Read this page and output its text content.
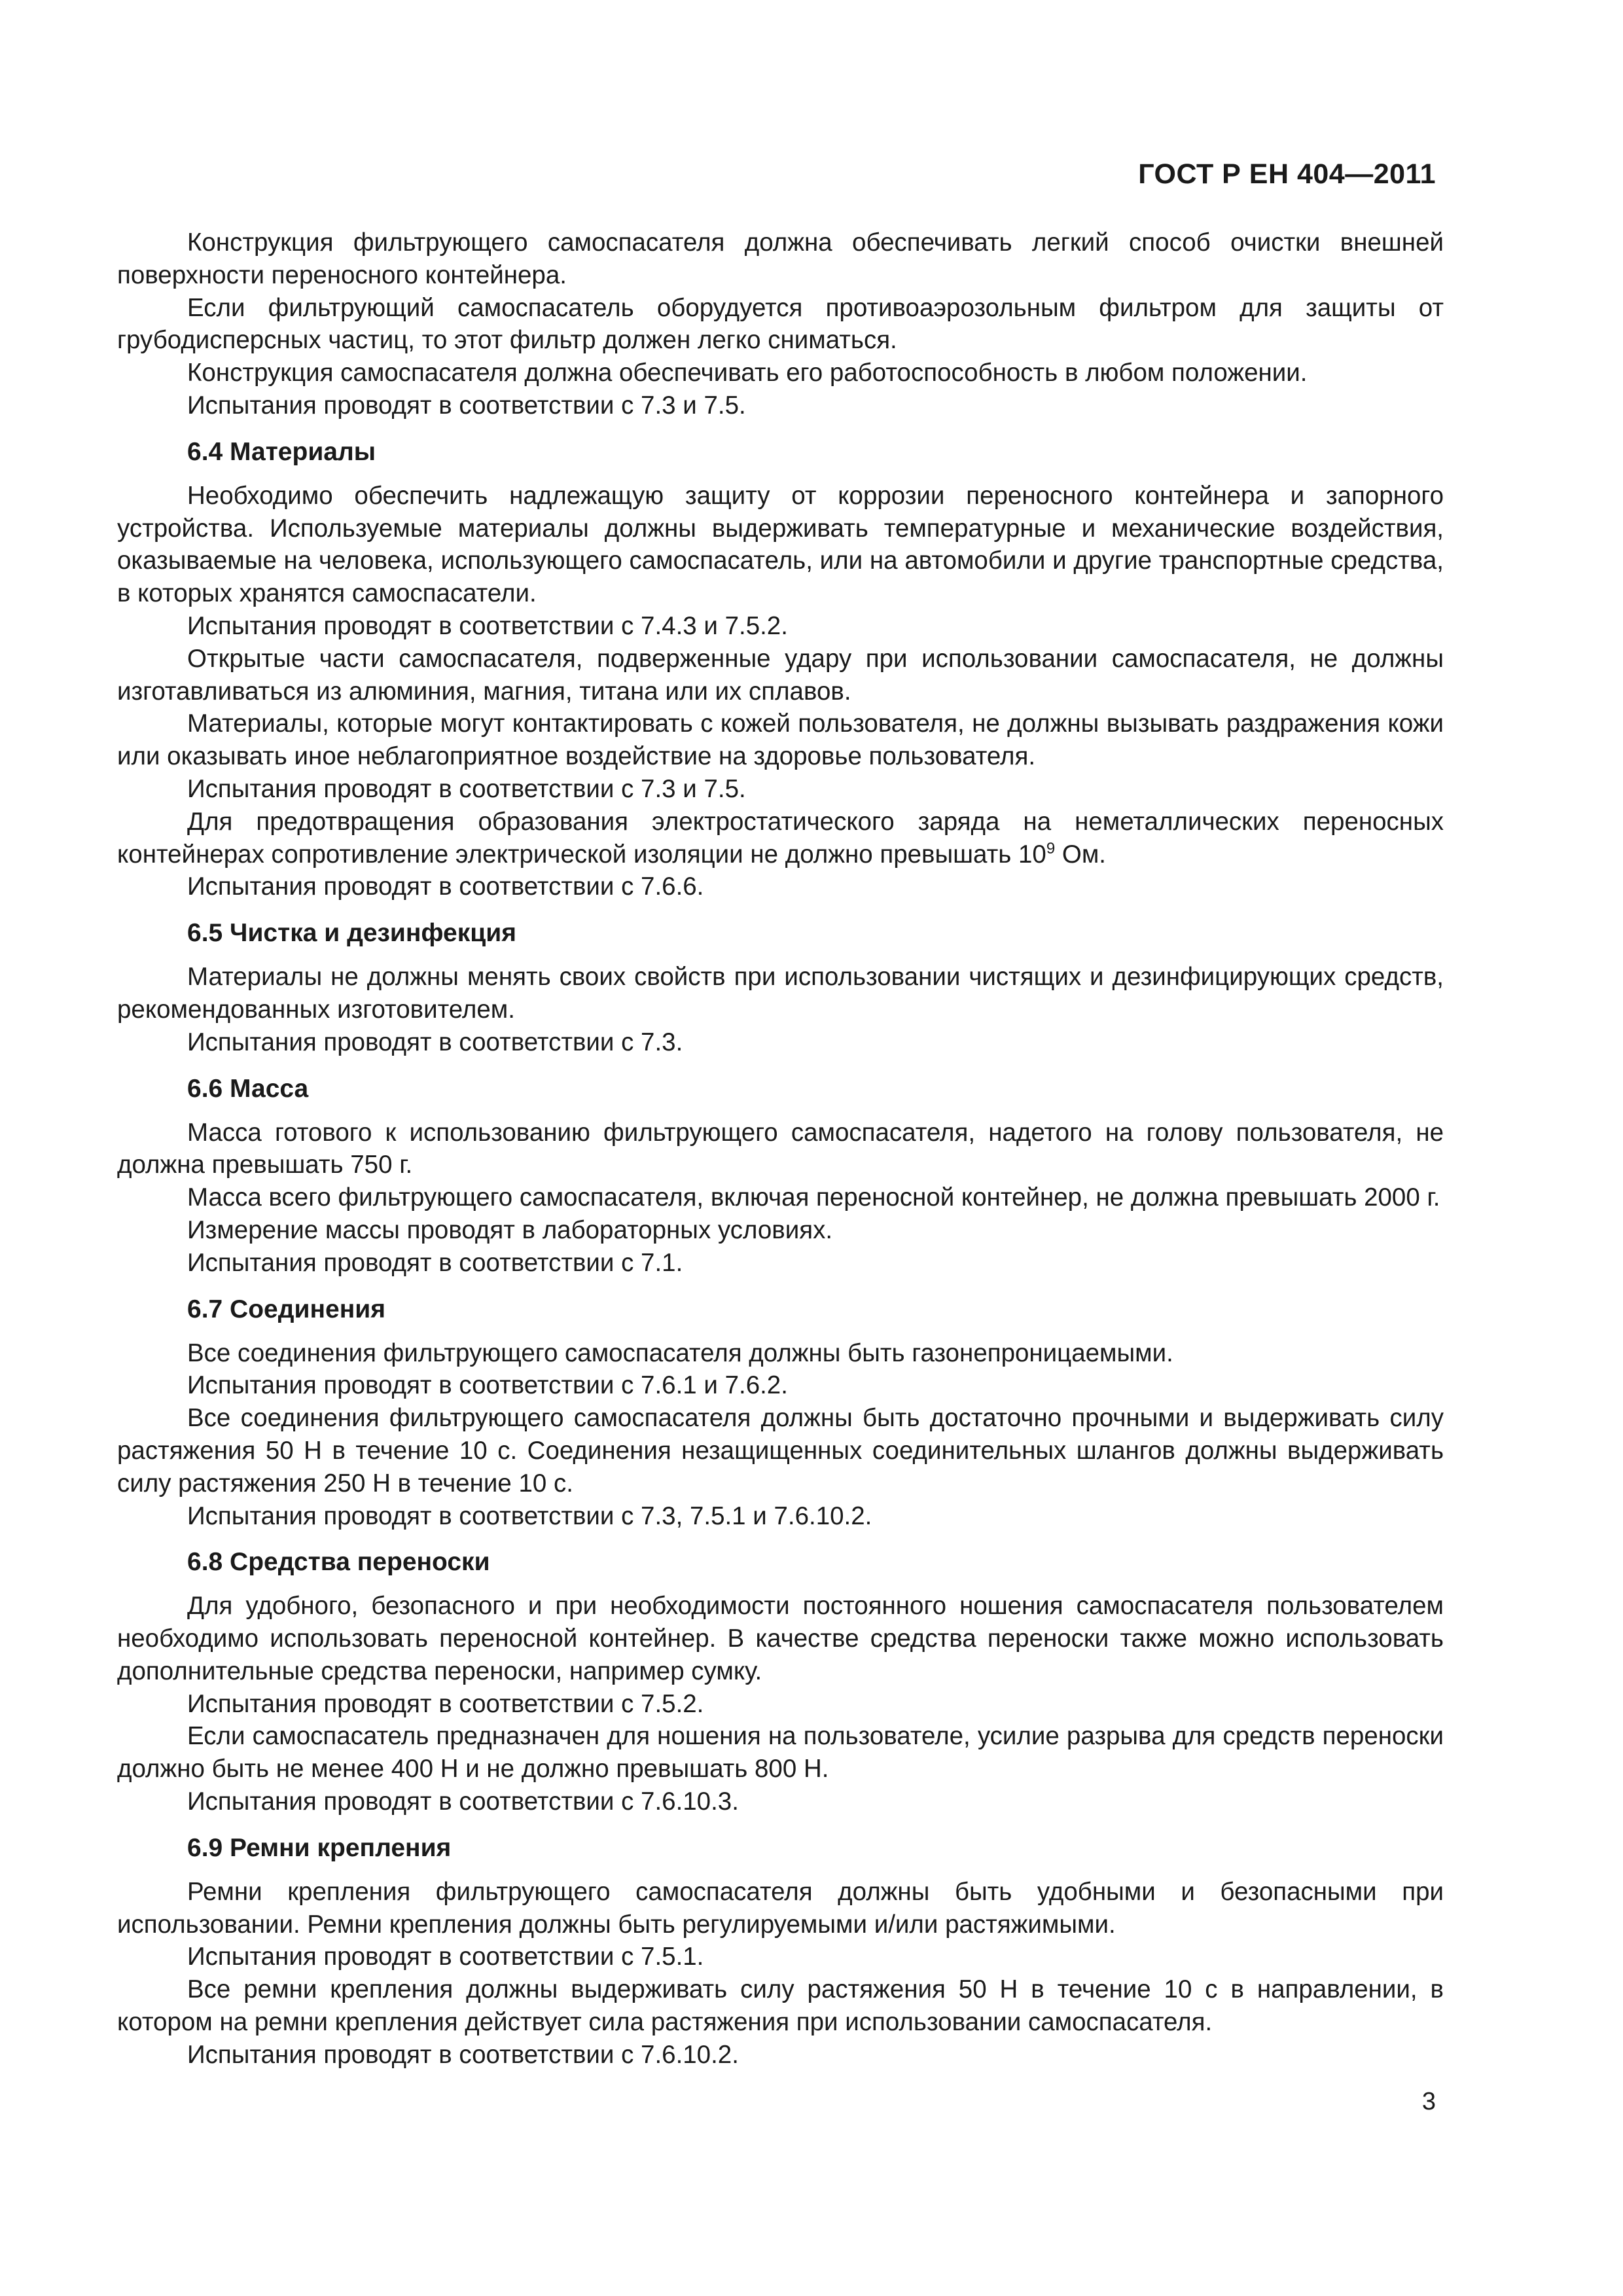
ГОСТ Р ЕН 404—2011

Конструкция фильтрующего самоспасателя должна обеспечивать легкий способ очистки внешней поверхности переносного контейнера.

Если фильтрующий самоспасатель оборудуется противоаэрозольным фильтром для защиты от грубодисперсных частиц, то этот фильтр должен легко сниматься.

Конструкция самоспасателя должна обеспечивать его работоспособность в любом положении.

Испытания проводят в соответствии с 7.3 и 7.5.

6.4 Материалы

Необходимо обеспечить надлежащую защиту от коррозии переносного контейнера и запорного устройства. Используемые материалы должны выдерживать температурные и механические воздействия, оказываемые на человека, использующего самоспасатель, или на автомобили и другие транспортные средства, в которых хранятся самоспасатели.

Испытания проводят в соответствии с 7.4.3 и 7.5.2.

Открытые части самоспасателя, подверженные удару при использовании самоспасателя, не должны изготавливаться из алюминия, магния, титана или их сплавов.

Материалы, которые могут контактировать с кожей пользователя, не должны вызывать раздражения кожи или оказывать иное неблагоприятное воздействие на здоровье пользователя.

Испытания проводят в соответствии с 7.3 и 7.5.

Для предотвращения образования электростатического заряда на неметаллических переносных контейнерах сопротивление электрической изоляции не должно превышать $10^9$ Ом.

Испытания проводят в соответствии с 7.6.6.

6.5 Чистка и дезинфекция

Материалы не должны менять своих свойств при использовании чистящих и дезинфицирующих средств, рекомендованных изготовителем.

Испытания проводят в соответствии с 7.3.

6.6 Масса

Масса готового к использованию фильтрующего самоспасателя, надетого на голову пользователя, не должна превышать 750 г.

Масса всего фильтрующего самоспасателя, включая переносной контейнер, не должна превышать 2000 г.

Измерение массы проводят в лабораторных условиях.

Испытания проводят в соответствии с 7.1.

6.7 Соединения

Все соединения фильтрующего самоспасателя должны быть газонепроницаемыми.

Испытания проводят в соответствии с 7.6.1 и 7.6.2.

Все соединения фильтрующего самоспасателя должны быть достаточно прочными и выдерживать силу растяжения 50 Н в течение 10 с. Соединения незащищенных соединительных шлангов должны выдерживать силу растяжения 250 Н в течение 10 с.

Испытания проводят в соответствии с 7.3, 7.5.1 и 7.6.10.2.

6.8 Средства переноски

Для удобного, безопасного и при необходимости постоянного ношения самоспасателя пользователем необходимо использовать переносной контейнер. В качестве средства переноски также можно использовать дополнительные средства переноски, например сумку.

Испытания проводят в соответствии с 7.5.2.

Если самоспасатель предназначен для ношения на пользователе, усилие разрыва для средств переноски должно быть не менее 400 Н и не должно превышать 800 Н.

Испытания проводят в соответствии с 7.6.10.3.

6.9 Ремни крепления

Ремни крепления фильтрующего самоспасателя должны быть удобными и безопасными при использовании. Ремни крепления должны быть регулируемыми и/или растяжимыми.

Испытания проводят в соответствии с 7.5.1.

Все ремни крепления должны выдерживать силу растяжения 50 Н в течение 10 с в направлении, в котором на ремни крепления действует сила растяжения при использовании самоспасателя.

Испытания проводят в соответствии с 7.6.10.2.

3
